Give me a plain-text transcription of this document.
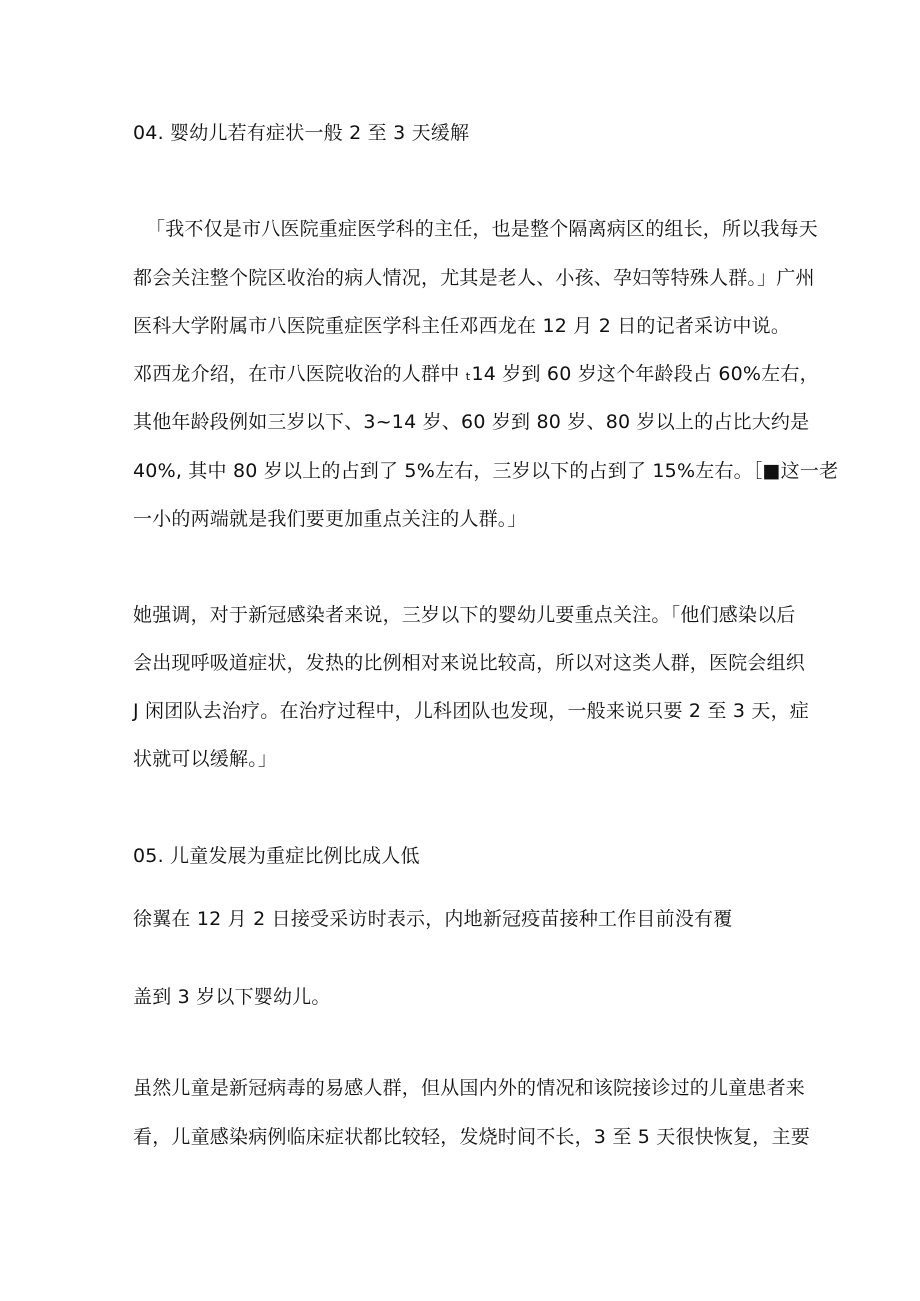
04. 婴幼儿若有症状一般 2 至 3 天缓解

「我不仅是市八医院重症医学科的主任，也是整个隔离病区的组长，所以我每天

都会关注整个院区收治的病人情况，尤其是老人、小孩、孕妇等特殊人群。」广州

医科大学附属市八医院重症医学科主任邓西龙在 12 月 2 日的记者采访中说。

邓西龙介绍，在市八医院收治的人群中 ₜ14 岁到 60 岁这个年龄段占 60%左右，

其他年龄段例如三岁以下、3~14 岁、60 岁到 80 岁、80 岁以上的占比大约是

40%, 其中 80 岁以上的占到了 5%左右，三岁以下的占到了 15%左右。［■这一老

一小的两端就是我们要更加重点关注的人群。」

她强调，对于新冠感染者来说，三岁以下的婴幼儿要重点关注。「他们感染以后

会出现呼吸道症状，发热的比例相对来说比较高，所以对这类人群，医院会组织

J 闲团队去治疗。在治疗过程中，儿科团队也发现，一般来说只要 2 至 3 天，症

状就可以缓解。」

05. 儿童发展为重症比例比成人低

徐翼在 12 月 2 日接受采访时表示，内地新冠疫苗接种工作目前没有覆

盖到 3 岁以下婴幼儿。

虽然儿童是新冠病毒的易感人群，但从国内外的情况和该院接诊过的儿童患者来

看，儿童感染病例临床症状都比较轻，发烧时间不长，3 至 5 天很快恢复，主要
